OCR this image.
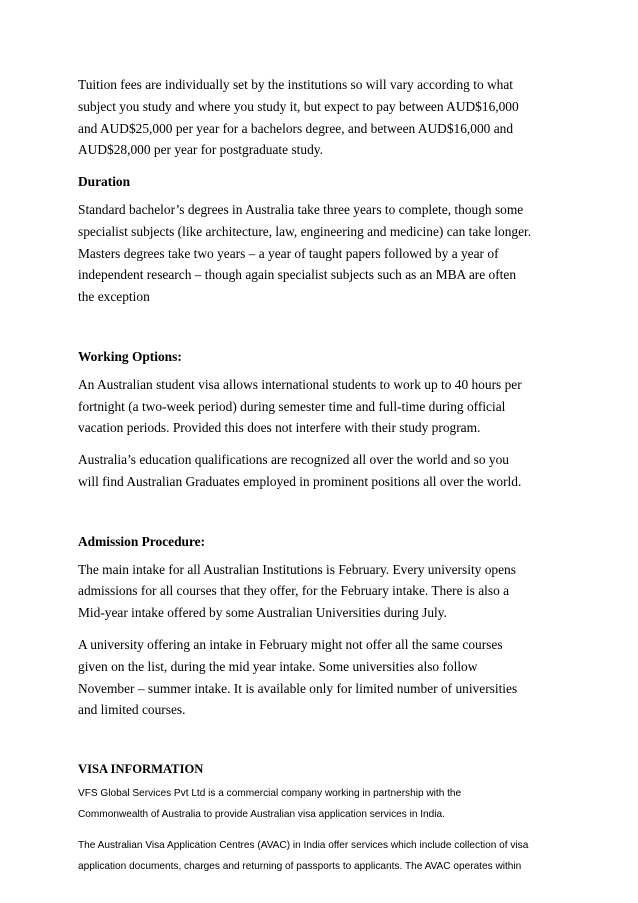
Tuition fees are individually set by the institutions so will vary according to what
subject you study and where you study it, but expect to pay between AUD$16,000
and AUD$25,000 per year for a bachelors degree, and between AUD$16,000 and
AUD$28,000 per year for postgraduate study.

Duration

Standard bachelor’s degrees in Australia take three years to complete, though some
specialist subjects (like architecture, law, engineering and medicine) can take longer.
Masters degrees take two years – a year of taught papers followed by a year of
independent research – though again specialist subjects such as an MBA are often
the exception

Working Options:

An Australian student visa allows international students to work up to 40 hours per
fortnight (a two-week period) during semester time and full-time during official
vacation periods. Provided this does not interfere with their study program.

Australia’s education qualifications are recognized all over the world and so you
will find Australian Graduates employed in prominent positions all over the world.

Admission Procedure:

The main intake for all Australian Institutions is February. Every university opens
admissions for all courses that they offer, for the February intake. There is also a
Mid-year intake offered by some Australian Universities during July.

A university offering an intake in February might not offer all the same courses
given on the list, during the mid year intake. Some universities also follow
November – summer intake. It is available only for limited number of universities
and limited courses.

VISA INFORMATION

VFS Global Services Pvt Ltd is a commercial company working in partnership with the
Commonwealth of Australia to provide Australian visa application services in India.

The Australian Visa Application Centres (AVAC) in India offer services which include collection of visa
application documents, charges and returning of passports to applicants. The AVAC operates within
